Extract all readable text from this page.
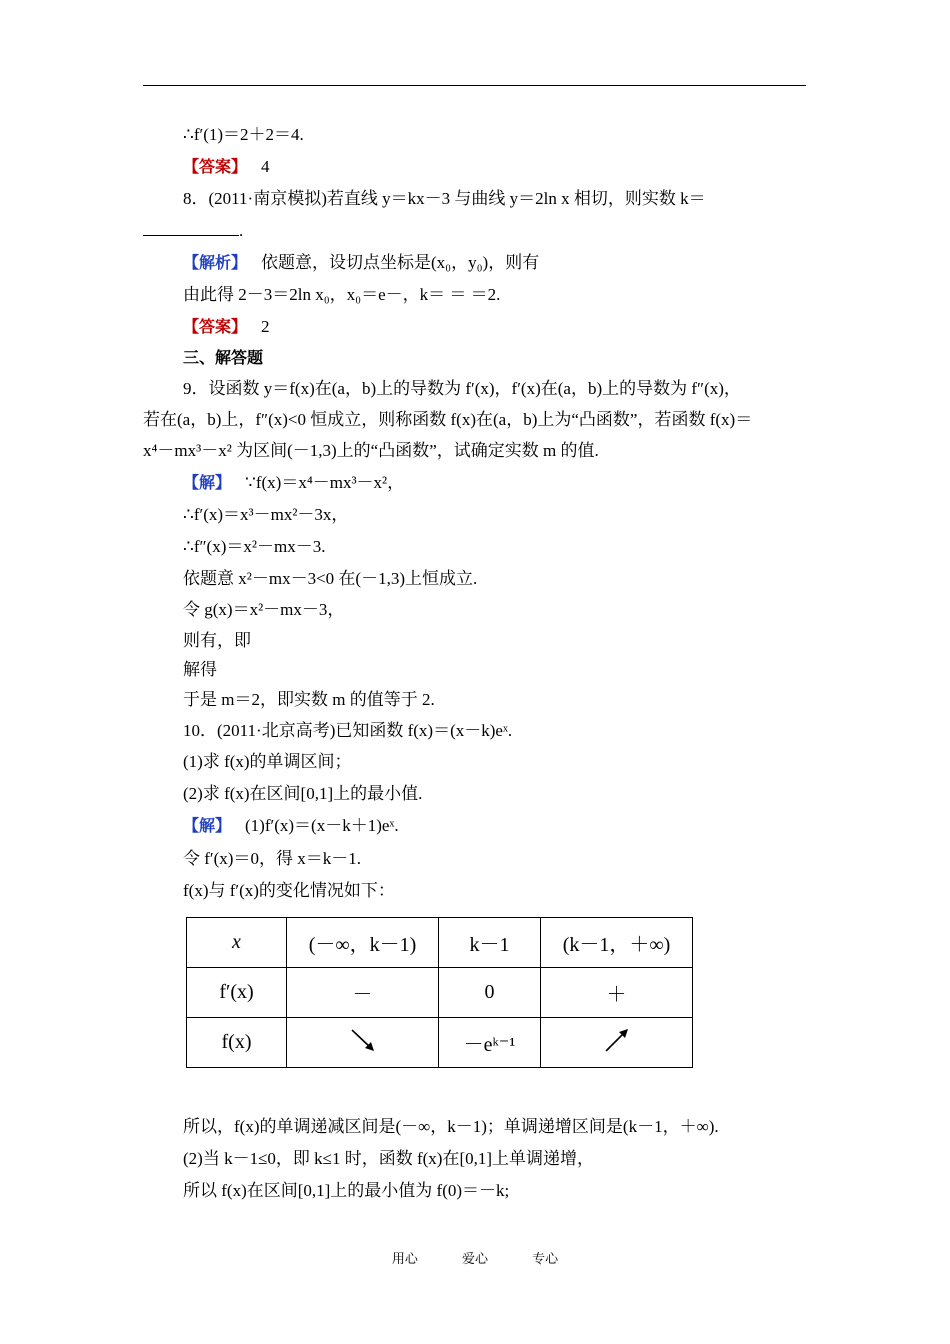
∴f′(1)＝2＋2＝4.
【答案】 4
8．(2011·南京模拟)若直线 y＝kx－3 与曲线 y＝2ln x 相切，则实数 k＝
.
【解析】 依题意，设切点坐标是(x₀，y₀)，则有
由此得 2－3＝2ln x₀，x₀＝e－，k＝ ＝ ＝2.
【答案】 2
三、解答题
9．设函数 y＝f(x)在(a，b)上的导数为 f′(x)，f′(x)在(a，b)上的导数为 f″(x)，
若在(a，b)上，f″(x)<0 恒成立，则称函数 f(x)在(a，b)上为“凸函数”，若函数 f(x)＝
x⁴－mx³－x² 为区间(－1,3)上的“凸函数”，试确定实数 m 的值.
【解】 ∵f(x)＝x⁴－mx³－x²，
∴f′(x)＝x³－mx²－3x，
∴f″(x)＝x²－mx－3.
依题意 x²－mx－3<0 在(－1,3)上恒成立.
令 g(x)＝x²－mx－3，
则有，即
解得
于是 m＝2，即实数 m 的值等于 2.
10．(2011·北京高考)已知函数 f(x)＝(x－k)eˣ.
(1)求 f(x)的单调区间；
(2)求 f(x)在区间[0,1]上的最小值.
【解】 (1)f′(x)＝(x－k＋1)eˣ.
令 f′(x)＝0，得 x＝k－1.
f(x)与 f′(x)的变化情况如下：
x	(－∞，k－1)	k－1	(k－1，＋∞)
f′(x)	－	0	＋
f(x)		－eᵏ⁻¹	
所以，f(x)的单调递减区间是(－∞，k－1)；单调递增区间是(k－1，＋∞).
(2)当 k－1≤0，即 k≤1 时，函数 f(x)在[0,1]上单调递增，
所以 f(x)在区间[0,1]上的最小值为 f(0)＝－k;
用心	爱心	专心
